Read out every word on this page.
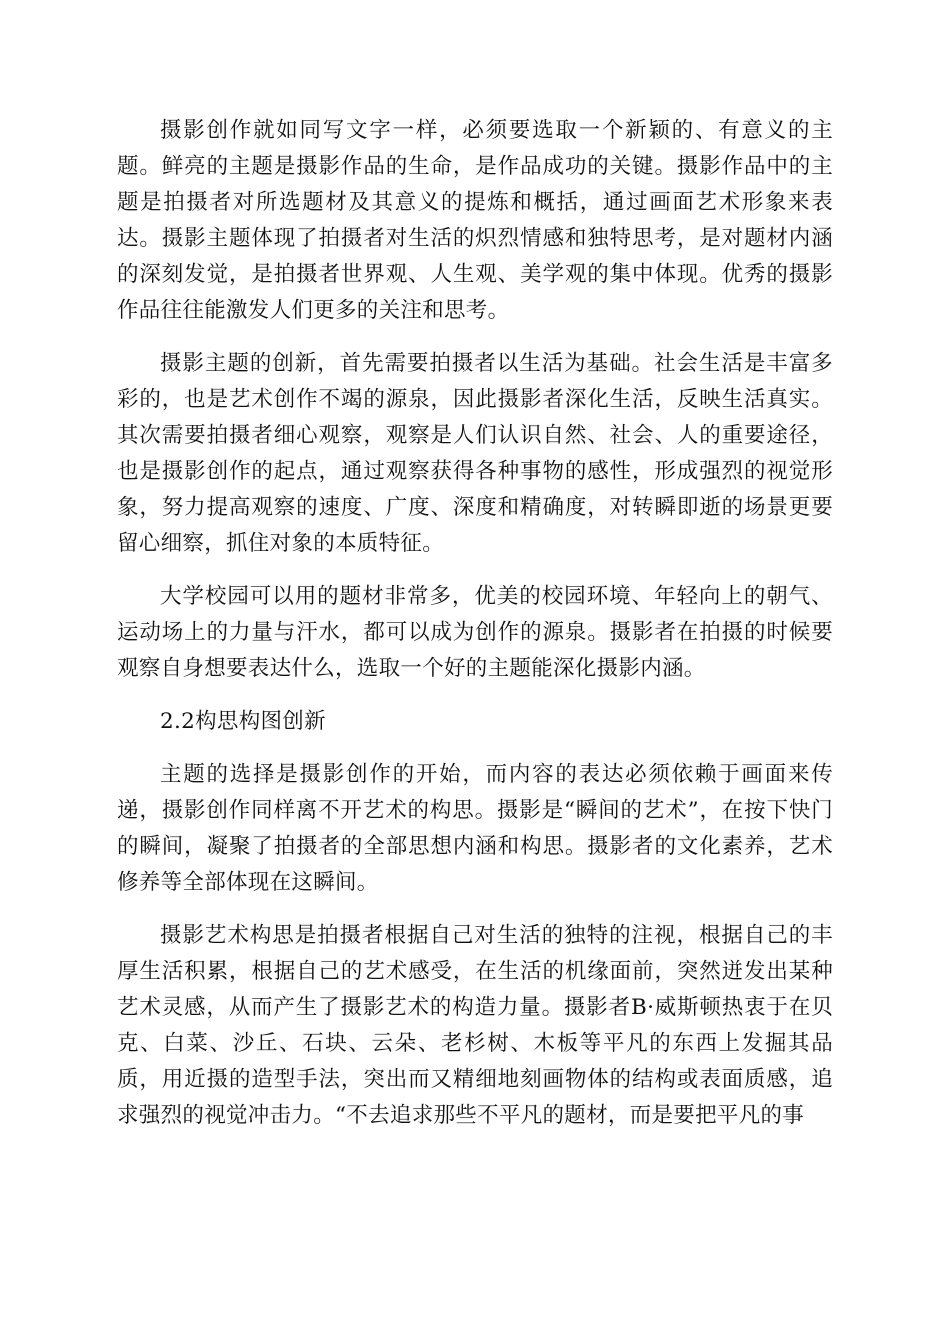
摄影创作就如同写文字一样，必须要选取一个新颖的、有意义的主题。鲜亮的主题是摄影作品的生命，是作品成功的关键。摄影作品中的主题是拍摄者对所选题材及其意义的提炼和概括，通过画面艺术形象来表达。摄影主题体现了拍摄者对生活的炽烈情感和独特思考，是对题材内涵的深刻发觉，是拍摄者世界观、人生观、美学观的集中体现。优秀的摄影作品往往能激发人们更多的关注和思考。

摄影主题的创新，首先需要拍摄者以生活为基础。社会生活是丰富多彩的，也是艺术创作不竭的源泉，因此摄影者深化生活，反映生活真实。其次需要拍摄者细心观察，观察是人们认识自然、社会、人的重要途径，也是摄影创作的起点，通过观察获得各种事物的感性，形成强烈的视觉形象，努力提高观察的速度、广度、深度和精确度，对转瞬即逝的场景更要留心细察，抓住对象的本质特征。

大学校园可以用的题材非常多，优美的校园环境、年轻向上的朝气、运动场上的力量与汗水，都可以成为创作的源泉。摄影者在拍摄的时候要观察自身想要表达什么，选取一个好的主题能深化摄影内涵。

2.2构思构图创新

主题的选择是摄影创作的开始，而内容的表达必须依赖于画面来传递，摄影创作同样离不开艺术的构思。摄影是“瞬间的艺术”，在按下快门的瞬间，凝聚了拍摄者的全部思想内涵和构思。摄影者的文化素养，艺术修养等全部体现在这瞬间。

摄影艺术构思是拍摄者根据自己对生活的独特的注视，根据自己的丰厚生活积累，根据自己的艺术感受，在生活的机缘面前，突然迸发出某种艺术灵感，从而产生了摄影艺术的构造力量。摄影者B·威斯顿热衷于在贝克、白菜、沙丘、石块、云朵、老杉树、木板等平凡的东西上发掘其品质，用近摄的造型手法，突出而又精细地刻画物体的结构或表面质感，追求强烈的视觉冲击力。“不去追求那些不平凡的题材，而是要把平凡的事
